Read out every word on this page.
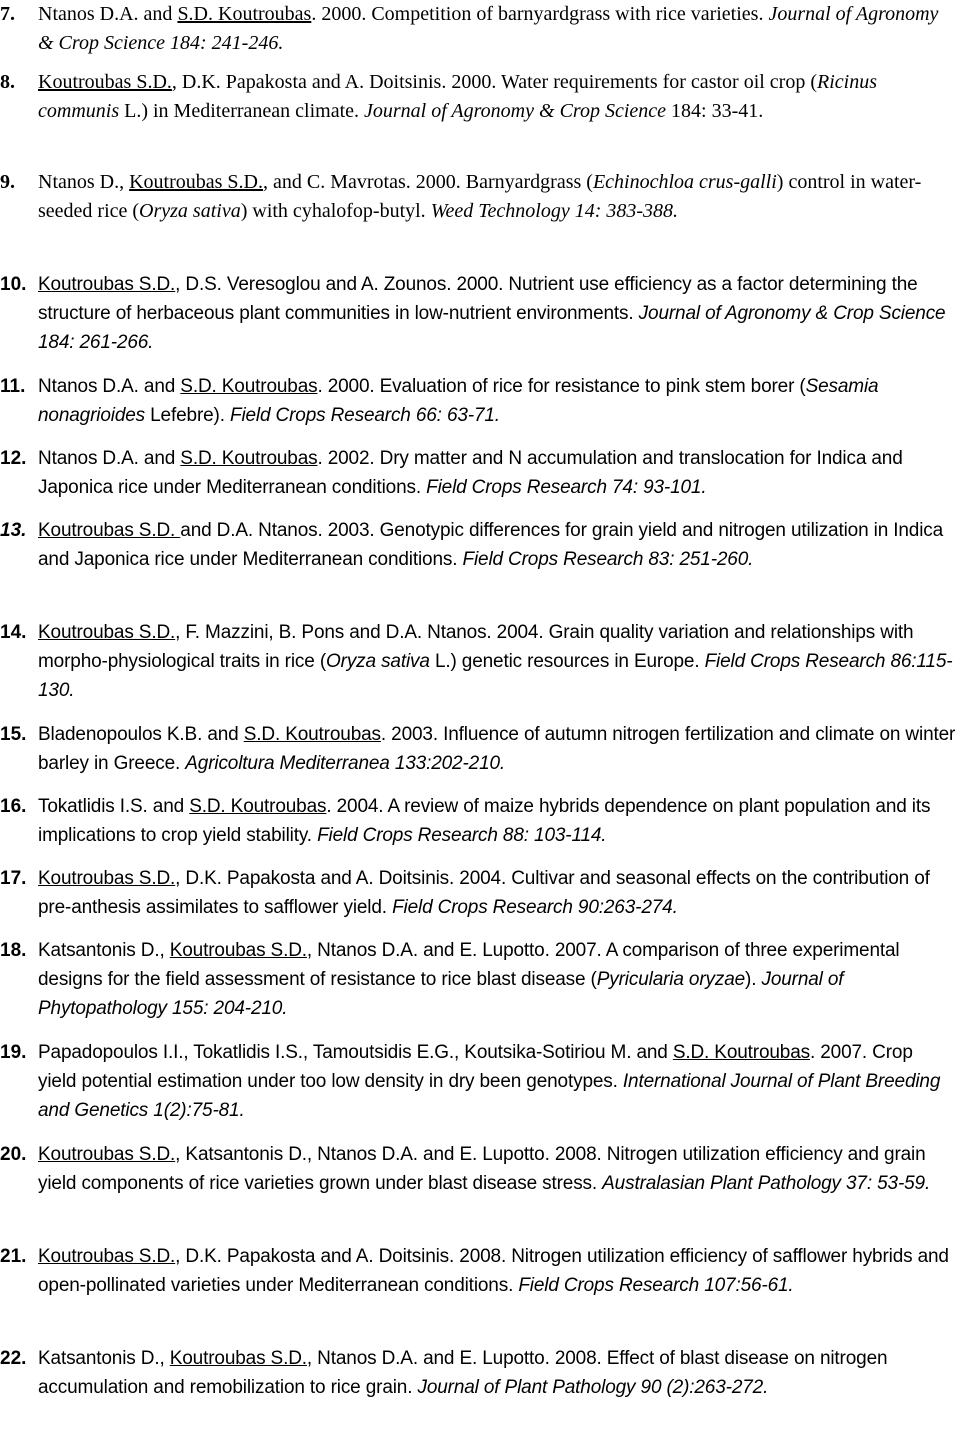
7.	Ntanos D.A. and S.D. Koutroubas. 2000. Competition of barnyardgrass with rice varieties. Journal of Agronomy & Crop Science 184: 241-246.
8.	Koutroubas S.D., D.K. Papakosta and A. Doitsinis. 2000. Water requirements for castor oil crop (Ricinus communis L.) in Mediterranean climate. Journal of Agronomy & Crop Science 184: 33-41.
9.	Ntanos D., Koutroubas S.D., and C. Mavrotas. 2000. Barnyardgrass (Echinochloa crus-galli) control in water-seeded rice (Oryza sativa) with cyhalofop-butyl. Weed Technology 14: 383-388.
10. Koutroubas S.D., D.S. Veresoglou and A. Zounos. 2000. Nutrient use efficiency as a factor determining the structure of herbaceous plant communities in low-nutrient environments. Journal of Agronomy & Crop Science 184: 261-266.
11. Ntanos D.A. and S.D. Koutroubas. 2000. Evaluation of rice for resistance to pink stem borer (Sesamia nonagrioides Lefebre). Field Crops Research 66: 63-71.
12. Ntanos D.A. and S.D. Koutroubas. 2002. Dry matter and N accumulation and translocation for Indica and Japonica rice under Mediterranean conditions. Field Crops Research 74: 93-101.
13. Koutroubas S.D. and D.A. Ntanos. 2003. Genotypic differences for grain yield and nitrogen utilization in Indica and Japonica rice under Mediterranean conditions. Field Crops Research 83: 251-260.
14. Koutroubas S.D., F. Mazzini, B. Pons and D.A. Ntanos. 2004. Grain quality variation and relationships with morpho-physiological traits in rice (Oryza sativa L.) genetic resources in Europe. Field Crops Research 86:115-130.
15. Bladenopoulos K.B. and S.D. Koutroubas. 2003. Influence of autumn nitrogen fertilization and climate on winter barley in Greece. Agricoltura Mediterranea 133:202-210.
16. Tokatlidis I.S. and S.D. Koutroubas. 2004. A review of maize hybrids dependence on plant population and its implications to crop yield stability. Field Crops Research 88: 103-114.
17. Koutroubas S.D., D.K. Papakosta and A. Doitsinis. 2004. Cultivar and seasonal effects on the contribution of pre-anthesis assimilates to safflower yield. Field Crops Research 90:263-274.
18. Katsantonis D., Koutroubas S.D., Ntanos D.A. and E. Lupotto. 2007. A comparison of three experimental designs for the field assessment of resistance to rice blast disease (Pyricularia oryzae). Journal of Phytopathology 155: 204-210.
19. Papadopoulos I.I., Tokatlidis I.S., Tamoutsidis E.G., Koutsika-Sotiriou M. and S.D. Koutroubas. 2007. Crop yield potential estimation under too low density in dry been genotypes. International Journal of Plant Breeding and Genetics 1(2):75-81.
20. Koutroubas S.D., Katsantonis D., Ntanos D.A. and E. Lupotto. 2008. Nitrogen utilization efficiency and grain yield components of rice varieties grown under blast disease stress. Australasian Plant Pathology 37: 53-59.
21. Koutroubas S.D., D.K. Papakosta and A. Doitsinis. 2008. Nitrogen utilization efficiency of safflower hybrids and open-pollinated varieties under Mediterranean conditions. Field Crops Research 107:56-61.
22. Katsantonis D., Koutroubas S.D., Ntanos D.A. and E. Lupotto. 2008. Effect of blast disease on nitrogen accumulation and remobilization to rice grain. Journal of Plant Pathology 90 (2):263-272.
